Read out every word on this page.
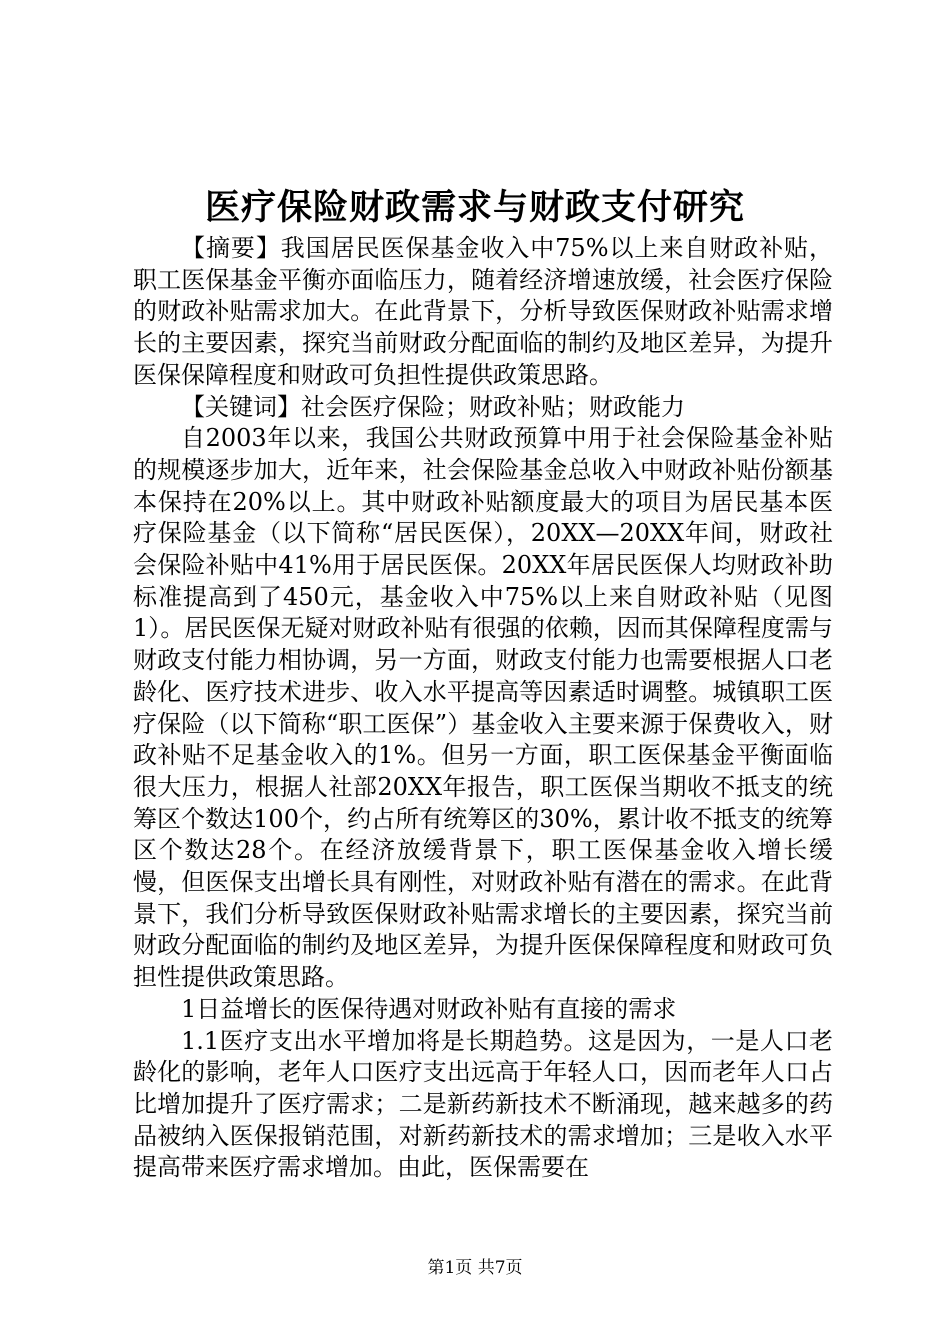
医疗保险财政需求与财政支付研究

【摘要】我国居民医保基金收入中75%以上来自财政补贴，职工医保基金平衡亦面临压力，随着经济增速放缓，社会医疗保险的财政补贴需求加大。在此背景下，分析导致医保财政补贴需求增长的主要因素，探究当前财政分配面临的制约及地区差异，为提升医保保障程度和财政可负担性提供政策思路。

【关键词】社会医疗保险；财政补贴；财政能力

自2003年以来，我国公共财政预算中用于社会保险基金补贴的规模逐步加大，近年来，社会保险基金总收入中财政补贴份额基本保持在20%以上。其中财政补贴额度最大的项目为居民基本医疗保险基金（以下简称“居民医保），20XX—20XX年间，财政社会保险补贴中41%用于居民医保。20XX年居民医保人均财政补助标准提高到了450元，基金收入中75%以上来自财政补贴（见图1）。居民医保无疑对财政补贴有很强的依赖，因而其保障程度需与财政支付能力相协调，另一方面，财政支付能力也需要根据人口老龄化、医疗技术进步、收入水平提高等因素适时调整。城镇职工医疗保险（以下简称“职工医保”）基金收入主要来源于保费收入，财政补贴不足基金收入的1%。但另一方面，职工医保基金平衡面临很大压力，根据人社部20XX年报告，职工医保当期收不抵支的统筹区个数达100个，约占所有统筹区的30%，累计收不抵支的统筹区个数达28个。在经济放缓背景下，职工医保基金收入增长缓慢，但医保支出增长具有刚性，对财政补贴有潜在的需求。在此背景下，我们分析导致医保财政补贴需求增长的主要因素，探究当前财政分配面临的制约及地区差异，为提升医保保障程度和财政可负担性提供政策思路。

1日益增长的医保待遇对财政补贴有直接的需求

1.1医疗支出水平增加将是长期趋势。这是因为，一是人口老龄化的影响，老年人口医疗支出远高于年轻人口，因而老年人口占比增加提升了医疗需求；二是新药新技术不断涌现，越来越多的药品被纳入医保报销范围，对新药新技术的需求增加；三是收入水平提高带来医疗需求增加。由此，医保需要在

第1页 共7页
